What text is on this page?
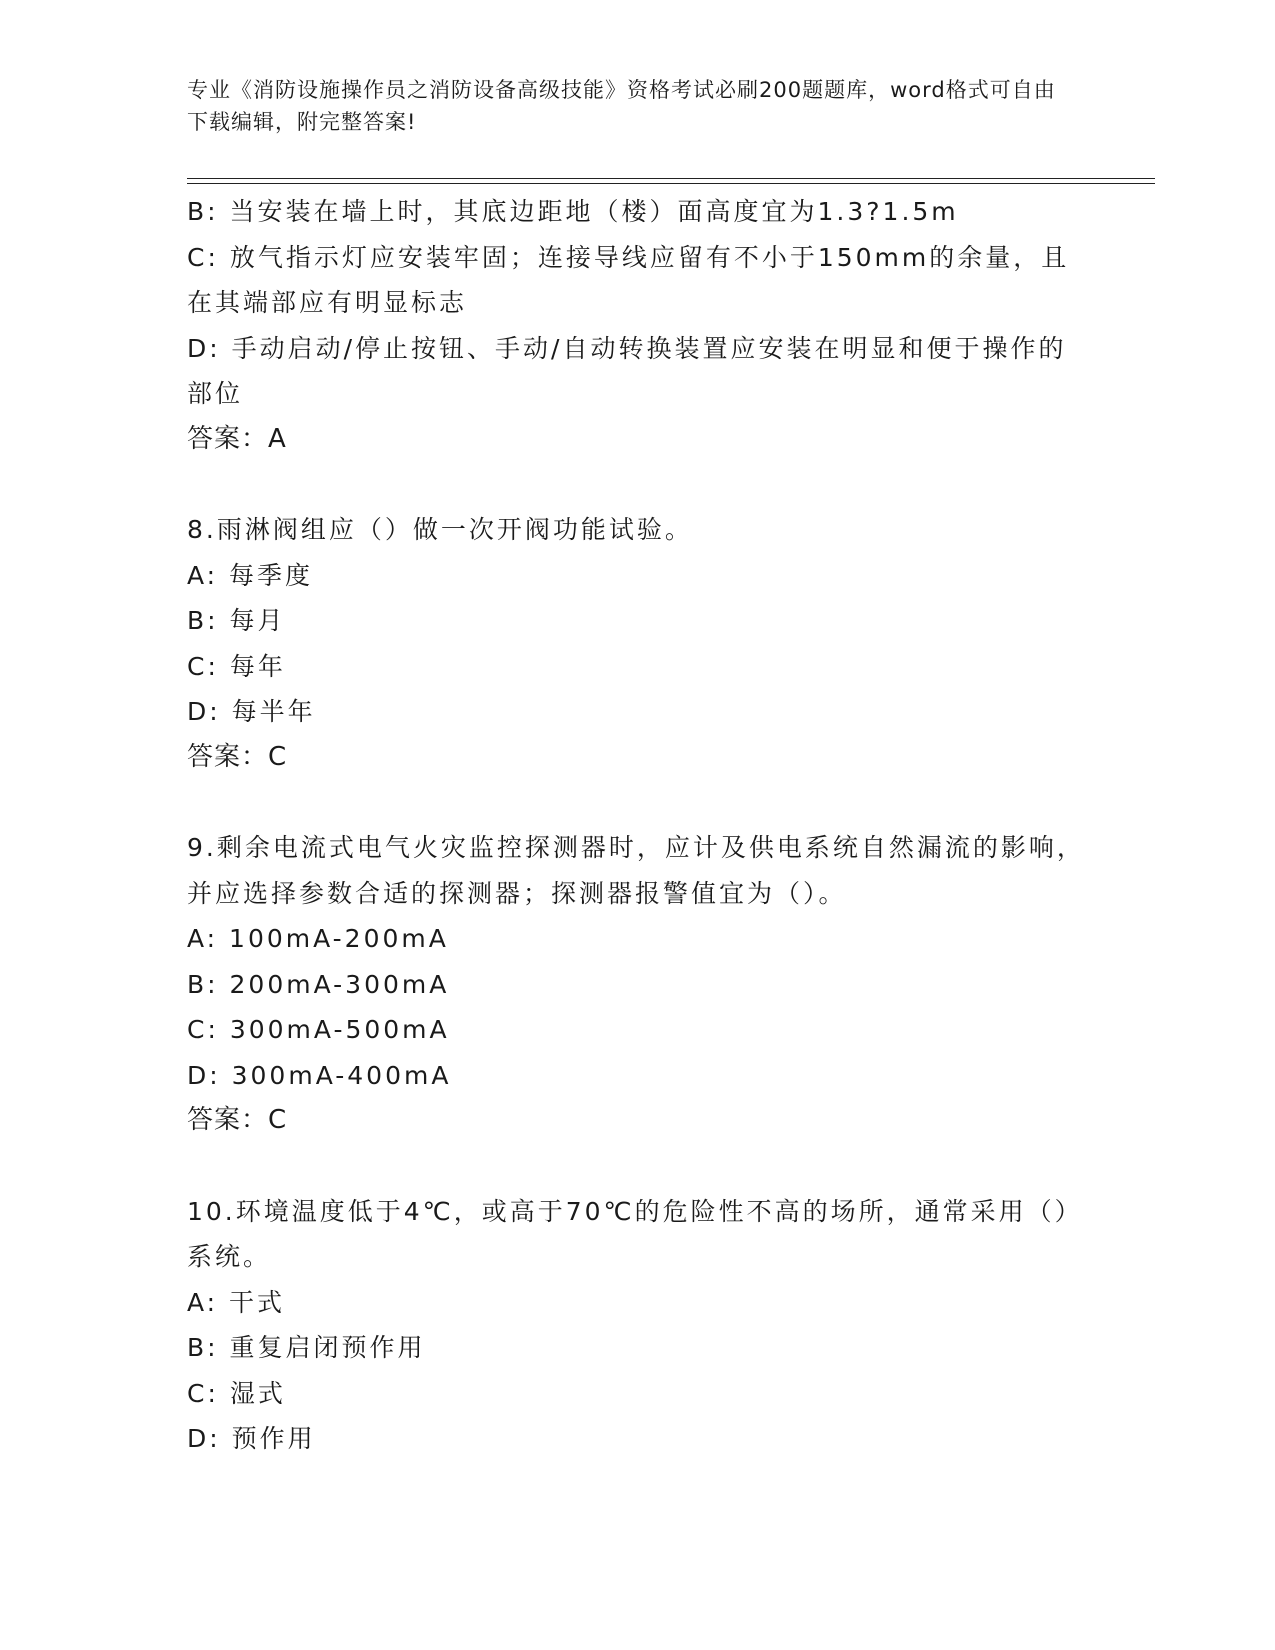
专业《消防设施操作员之消防设备高级技能》资格考试必刷200题题库，word格式可自由下载编辑，附完整答案!

B: 当安装在墙上时，其底边距地（楼）面高度宜为1.3?1.5m

C: 放气指示灯应安装牢固；连接导线应留有不小于150mm的余量，且在其端部应有明显标志

D: 手动启动/停止按钮、手动/自动转换装置应安装在明显和便于操作的部位

答案：A

8.雨淋阀组应（）做一次开阀功能试验。

A: 每季度

B: 每月

C: 每年

D: 每半年

答案：C

9.剩余电流式电气火灾监控探测器时，应计及供电系统自然漏流的影响，并应选择参数合适的探测器；探测器报警值宜为（）。

A: 100mA-200mA

B: 200mA-300mA

C: 300mA-500mA

D: 300mA-400mA

答案：C

10.环境温度低于4℃，或高于70℃的危险性不高的场所，通常采用（）系统。

A: 干式

B: 重复启闭预作用

C: 湿式

D: 预作用
